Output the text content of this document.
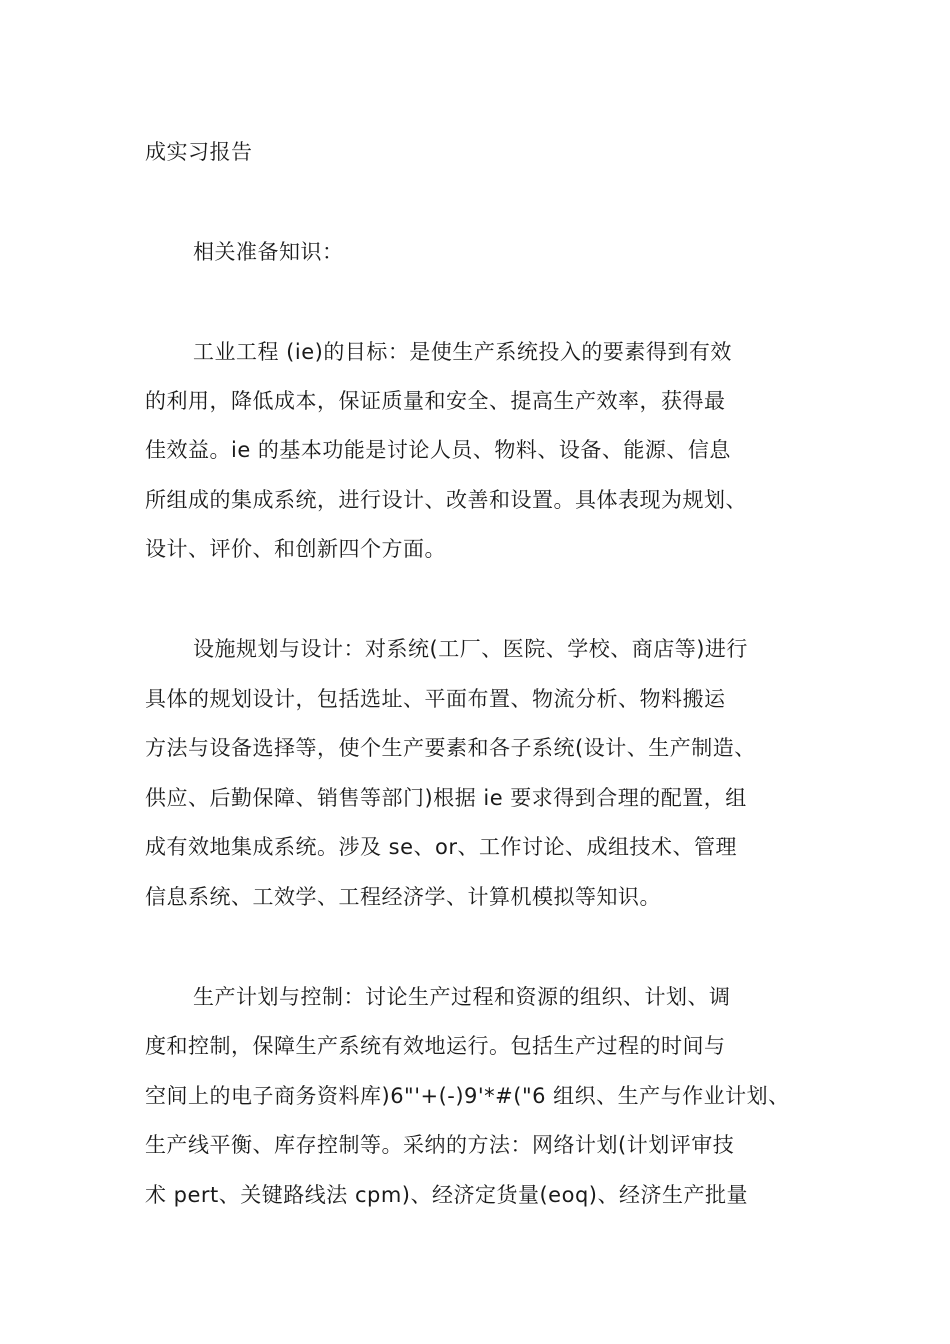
成实习报告
相关准备知识：
工业工程 (ie)的目标：是使生产系统投入的要素得到有效
的利用，降低成本，保证质量和安全、提高生产效率，获得最
佳效益。ie 的基本功能是讨论人员、物料、设备、能源、信息
所组成的集成系统，进行设计、改善和设置。具体表现为规划、
设计、评价、和创新四个方面。
设施规划与设计：对系统(工厂、医院、学校、商店等)进行
具体的规划设计，包括选址、平面布置、物流分析、物料搬运
方法与设备选择等，使个生产要素和各子系统(设计、生产制造、
供应、后勤保障、销售等部门)根据 ie 要求得到合理的配置，组
成有效地集成系统。涉及 se、or、工作讨论、成组技术、管理
信息系统、工效学、工程经济学、计算机模拟等知识。
生产计划与控制：讨论生产过程和资源的组织、计划、调
度和控制，保障生产系统有效地运行。包括生产过程的时间与
空间上的电子商务资料库)6"'+(-)9'*#("6 组织、生产与作业计划、
生产线平衡、库存控制等。采纳的方法：网络计划(计划评审技
术 pert、关键路线法 cpm)、经济定货量(eoq)、经济生产批量
